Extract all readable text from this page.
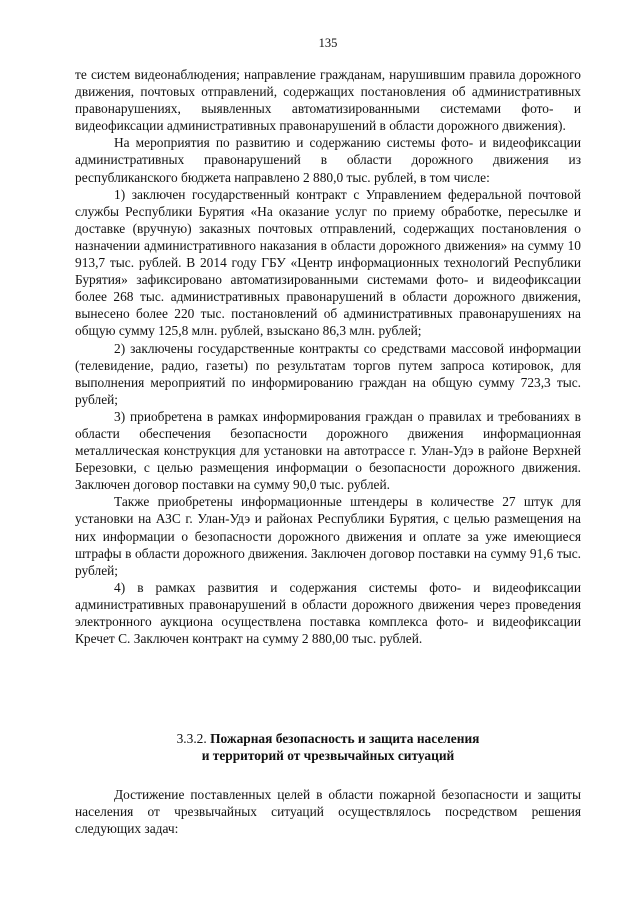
135

те систем видеонаблюдения; направление гражданам, нарушившим правила дорожного движения, почтовых отправлений, содержащих постановления об административных правонарушениях, выявленных автоматизированными системами фото- и видеофиксации административных правонарушений в области дорожного движения).

На мероприятия по развитию и содержанию системы фото- и видеофиксации административных правонарушений в области дорожного движения из республиканского бюджета направлено 2 880,0 тыс. рублей, в том числе:

1) заключен государственный контракт с Управлением федеральной почтовой службы Республики Бурятия «На оказание услуг по приему обработке, пересылке и доставке (вручную) заказных почтовых отправлений, содержащих постановления о назначении административного наказания в области дорожного движения» на сумму 10 913,7 тыс. рублей. В 2014 году ГБУ «Центр информационных технологий Республики Бурятия» зафиксировано автоматизированными системами фото- и видеофиксации более 268 тыс. административных правонарушений в области дорожного движения, вынесено более 220 тыс. постановлений об административных правонарушениях на общую сумму 125,8 млн. рублей, взыскано 86,3 млн. рублей;

2) заключены государственные контракты со средствами массовой информации (телевидение, радио, газеты) по результатам торгов путем запроса котировок, для выполнения мероприятий по информированию граждан на общую сумму 723,3 тыс. рублей;

3) приобретена в рамках информирования граждан о правилах и требованиях в области обеспечения безопасности дорожного движения информационная металлическая конструкция для установки на автотрассе г. Улан-Удэ в районе Верхней Березовки, с целью размещения информации о безопасности дорожного движения. Заключен договор поставки на сумму 90,0 тыс. рублей.

Также приобретены информационные штендеры в количестве 27 штук для установки на АЗС г. Улан-Удэ и районах Республики Бурятия, с целью размещения на них информации о безопасности дорожного движения и оплате за уже имеющиеся штрафы в области дорожного движения. Заключен договор поставки на сумму 91,6 тыс. рублей;

4) в рамках развития и содержания системы фото- и видеофиксации административных правонарушений в области дорожного движения через проведения электронного аукциона осуществлена поставка комплекса фото- и видеофиксации Кречет С. Заключен контракт на сумму 2 880,00 тыс. рублей.

3.3.2. Пожарная безопасность и защита населения
и территорий от чрезвычайных ситуаций

Достижение поставленных целей в области пожарной безопасности и защиты населения от чрезвычайных ситуаций осуществлялось посредством решения следующих задач:
